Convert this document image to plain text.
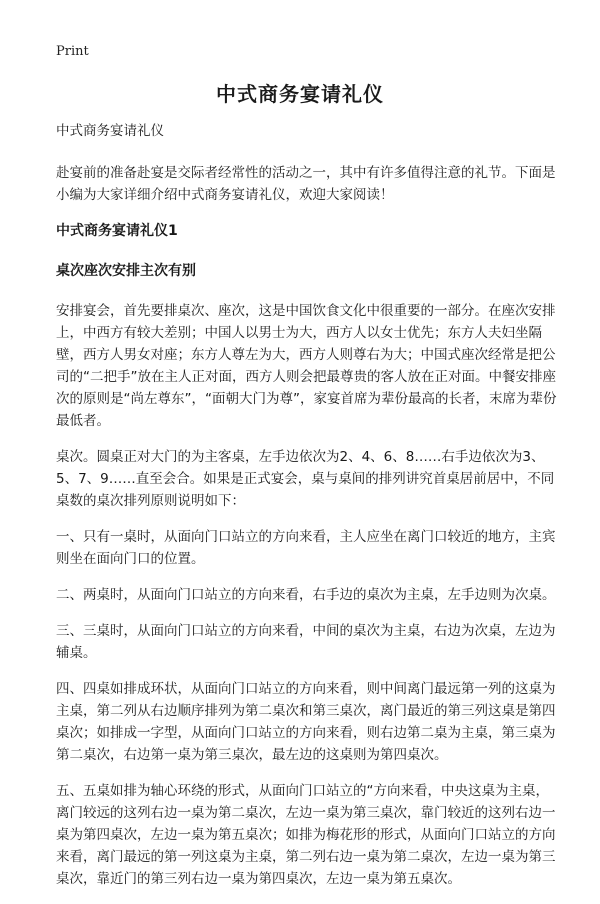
Print
中式商务宴请礼仪

中式商务宴请礼仪

赴宴前的准备赴宴是交际者经常性的活动之一，其中有许多值得注意的礼节。下面是小编为大家详细介绍中式商务宴请礼仪，欢迎大家阅读！

中式商务宴请礼仪1

桌次座次安排主次有别

安排宴会，首先要排桌次、座次，这是中国饮食文化中很重要的一部分。在座次安排上，中西方有较大差别；中国人以男士为大，西方人以女士优先；东方人夫妇坐隔壁，西方人男女对座；东方人尊左为大，西方人则尊右为大；中国式座次经常是把公司的“二把手”放在主人正对面，西方人则会把最尊贵的客人放在正对面。中餐安排座次的原则是“尚左尊东”，“面朝大门为尊”，家宴首席为辈份最高的长者，末席为辈份最低者。

桌次。圆桌正对大门的为主客桌，左手边依次为2、4、6、8……右手边依次为3、5、7、9……直至会合。如果是正式宴会，桌与桌间的排列讲究首桌居前居中，不同桌数的桌次排列原则说明如下：

一、只有一桌时，从面向门口站立的方向来看，主人应坐在离门口较近的地方，主宾则坐在面向门口的位置。

二、两桌时，从面向门口站立的方向来看，右手边的桌次为主桌，左手边则为次桌。

三、三桌时，从面向门口站立的方向来看，中间的桌次为主桌，右边为次桌，左边为辅桌。

四、四桌如排成环状，从面向门口站立的方向来看，则中间离门最远第一列的这桌为主桌，第二列从右边顺序排列为第二桌次和第三桌次，离门最近的第三列这桌是第四桌次；如排成一字型，从面向门口站立的方向来看，则右边第二桌为主桌，第三桌为第二桌次，右边第一桌为第三桌次，最左边的这桌则为第四桌次。

五、五桌如排为轴心环绕的形式，从面向门口站立的“方向来看，中央这桌为主桌，离门较远的这列右边一桌为第二桌次，左边一桌为第三桌次，靠门较近的这列右边一桌为第四桌次，左边一桌为第五桌次；如排为梅花形的形式，从面向门口站立的方向来看，离门最远的第一列这桌为主桌，第二列右边一桌为第二桌次，左边一桌为第三桌次，靠近门的第三列右边一桌为第四桌次，左边一桌为第五桌次。
